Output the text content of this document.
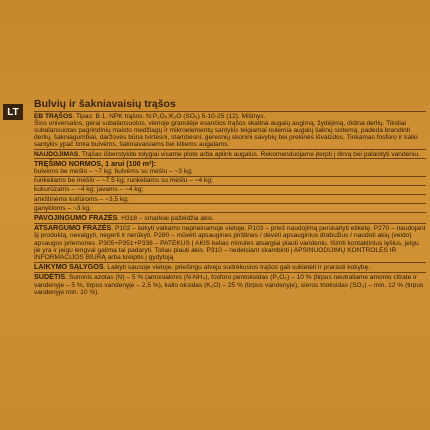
LT
Bulvių ir šakniavaisių trąšos
EB TRĄŠOS. Tipas: B.1. NPK trąšos. N:P₂O₅:K₂O (SO₃) 5-10-25 (12). Mišinys.
Šios universalos, gerai subalansuotos, vienoje granulėje esančios trąšos skatina augalų augimą, žydėjimą, didina derlių. Tiksliai subalansuotas pagrindinių maisto medžiagų ir mikroelementų santykis teigiamai nulemia augalų šaknų sistemą, padeda brandinti derlių, šakniagumbiai, daržovės būna tvirtesni, stambesni, geresnių skonini savybių bei prekinės išvaizdos. Tinkamas fosforo ir kalio santykis ypač tinka bulvėms, šakniavaisiams bei kitiems augalams.
NAUDOJIMAS. Trąšas išberstykite tolygiai visame plote arba aplink augalus. Rekomenduojame įterpti į dirvą bei palaistyti vandeniu.
TRĘŠIMO NORMOS, 1 arui (100 m²):
bulvėms be mėšlo – ~7 kg; bulvėms su mėšlu – ~3 kg;
runkeliams be mėšlo – ~7.5 kg; runkeliams su mėšlu – ~4 kg;
kukurūzams – ~4 kg; javams – ~4 kg;
ankštinėms kultūroms – ~3,5 kg;
ganykloms – ~3 kg.
PAVOJINGUMO FRAZĖS. H318 – smarkiai pažeidžia akis.
ATSARGUMO FRAZĖS. P102 – laikyti vaikams neprieinamoje vietoje. P103 – prieš naudojimą perskaityti etiketę. P270 – naudojant šį produktą, nevalgyti, negerti ir nerūkyti. P280 – mūvėti apsaugines pirštines / dėvėti apsauginius drabužius / naudoti akių (veido) apsaugos priemones. P305+P351+P338 – PATEKUS Į AKIS kelias minutes atsargiai plauti vandeniu. Išimti kontaktinius lęšius, jeigu jie yra ir jeigu lengvai galima tai padaryti. Toliau plauti akis. P310 – nedelsiant skambinti į APSINUODIJIMŲ KONTROLĖS IR INFORMACIJOS BIURĄ arba kreiptis į gydytoją
LAIKYMO SĄLYGOS. Laikyti sausoje vietoje, priešingu atveju sudrėkusios trąšos gali sukietėti ir prarasti kokybę.
SUDĖTIS. Suminis azotas (N) – 5 % (amoniakinis (N-NH₄), fosforo pentoksidas (P₂O₅) – 10 % (tirpus neutraliame amonio citrate ir vandenyje – 5 %, tirpus vandenyje – 2,5 %), kalio oksidas (K₂O) – 25 % (tirpus vandenyje), sieros trioksidas (SO₃) – min. 12 % (tirpus vandenyje min. 10 %).
